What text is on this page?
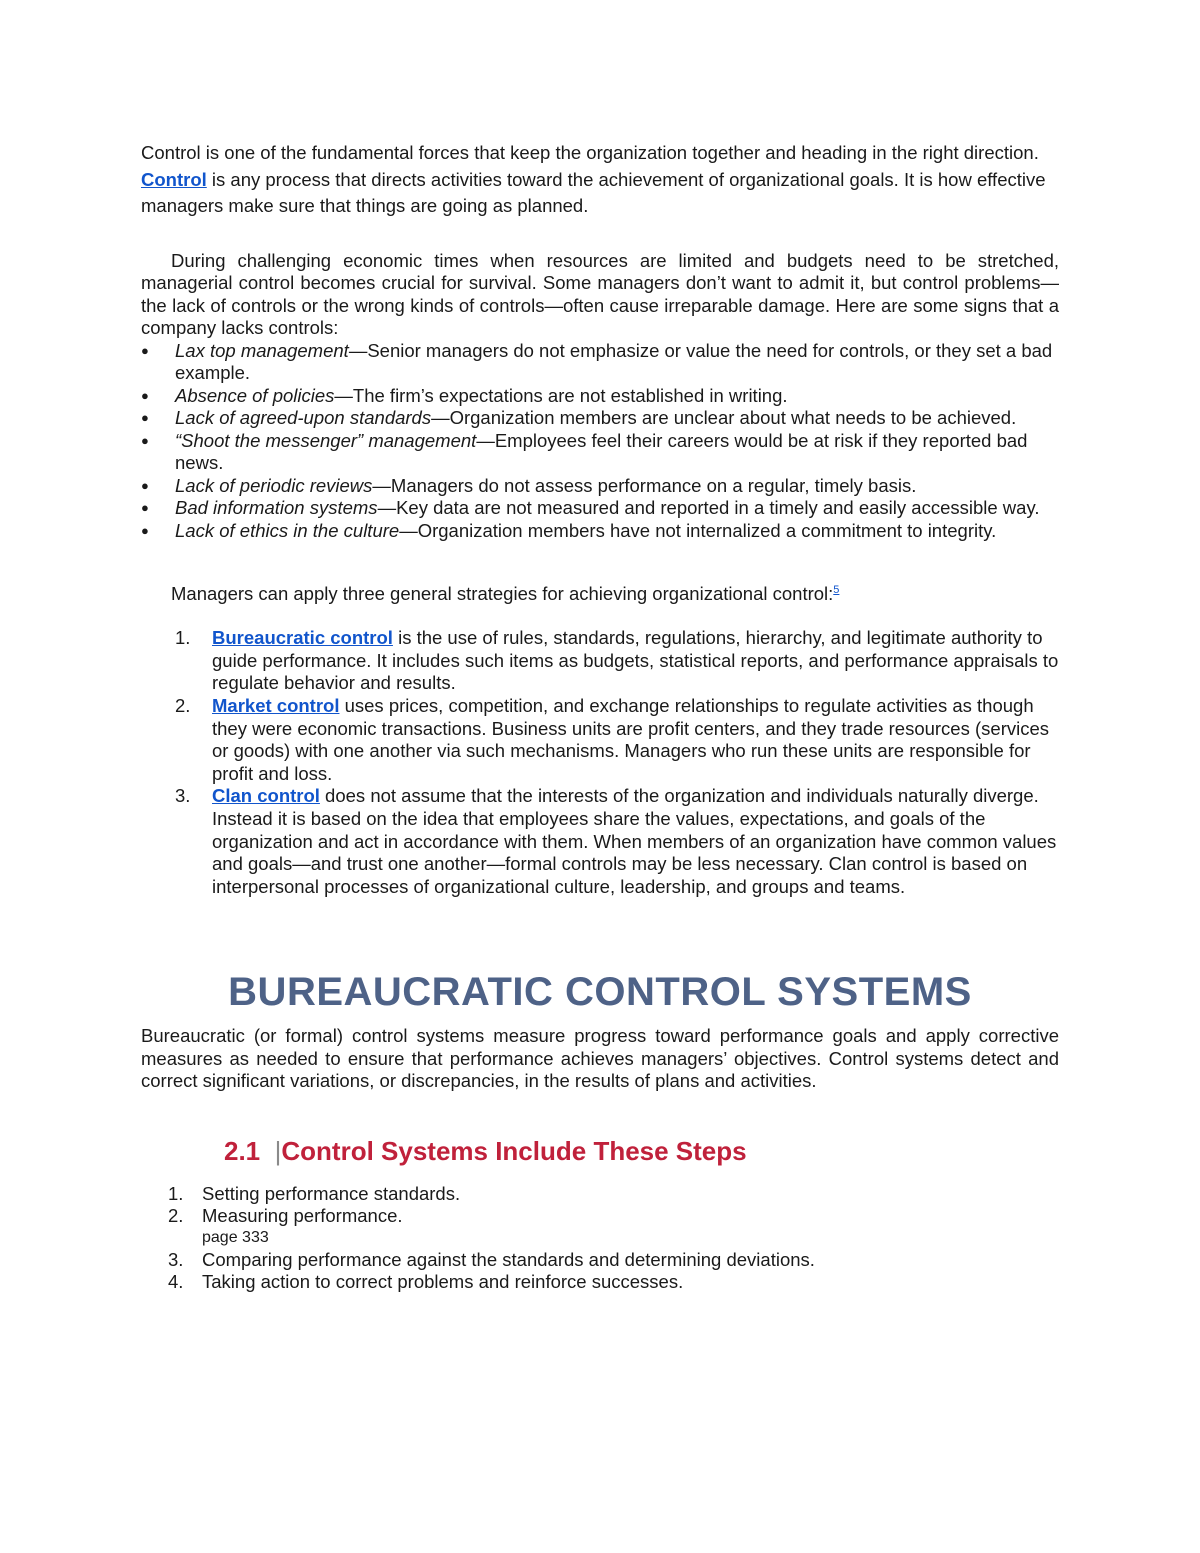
Control is one of the fundamental forces that keep the organization together and heading in the right direction. Control is any process that directs activities toward the achievement of organizational goals. It is how effective managers make sure that things are going as planned.

During challenging economic times when resources are limited and budgets need to be stretched, managerial control becomes crucial for survival. Some managers don’t want to admit it, but control problems—the lack of controls or the wrong kinds of controls—often cause irreparable damage. Here are some signs that a company lacks controls:

● Lax top management—Senior managers do not emphasize or value the need for controls, or they set a bad example.
● Absence of policies—The firm’s expectations are not established in writing.
● Lack of agreed-upon standards—Organization members are unclear about what needs to be achieved.
● “Shoot the messenger” management—Employees feel their careers would be at risk if they reported bad news.
● Lack of periodic reviews—Managers do not assess performance on a regular, timely basis.
● Bad information systems—Key data are not measured and reported in a timely and easily accessible way.
● Lack of ethics in the culture—Organization members have not internalized a commitment to integrity.

Managers can apply three general strategies for achieving organizational control:$^5$

1. Bureaucratic control is the use of rules, standards, regulations, hierarchy, and legitimate authority to guide performance. It includes such items as budgets, statistical reports, and performance appraisals to regulate behavior and results.
2. Market control uses prices, competition, and exchange relationships to regulate activities as though they were economic transactions. Business units are profit centers, and they trade resources (services or goods) with one another via such mechanisms. Managers who run these units are responsible for profit and loss.
3. Clan control does not assume that the interests of the organization and individuals naturally diverge. Instead it is based on the idea that employees share the values, expectations, and goals of the organization and act in accordance with them. When members of an organization have common values and goals—and trust one another—formal controls may be less necessary. Clan control is based on interpersonal processes of organizational culture, leadership, and groups and teams.
BUREAUCRATIC CONTROL SYSTEMS

Bureaucratic (or formal) control systems measure progress toward performance goals and apply corrective measures as needed to ensure that performance achieves managers’ objectives. Control systems detect and correct significant variations, or discrepancies, in the results of plans and activities.

2.1 |Control Systems Include These Steps
1. Setting performance standards.
2. Measuring performance.
page 333
3. Comparing performance against the standards and determining deviations.
4. Taking action to correct problems and reinforce successes.
